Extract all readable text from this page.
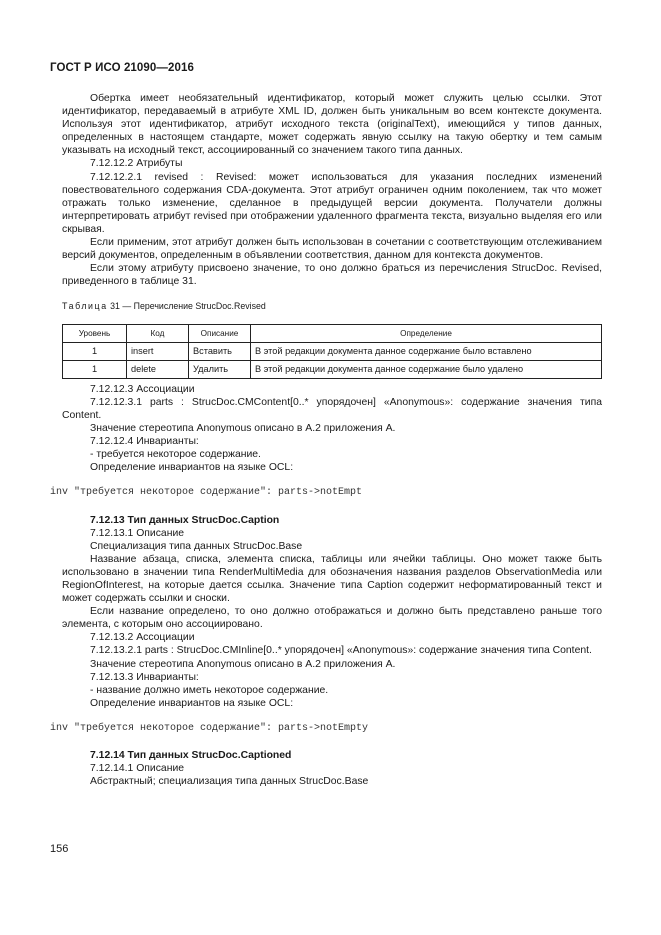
ГОСТ Р ИСО 21090—2016

Обертка имеет необязательный идентификатор, который может служить целью ссылки. Этот идентификатор, передаваемый в атрибуте XML ID, должен быть уникальным во всем контексте документа. Используя этот идентификатор, атрибут исходного текста (originalText), имеющийся у типов данных, определенных в настоящем стандарте, может содержать явную ссылку на такую обертку и тем самым указывать на исходный текст, ассоциированный со значением такого типа данных.

7.12.12.2 Атрибуты

7.12.12.2.1 revised : Revised: может использоваться для указания последних изменений повествовательного содержания CDA-документа. Этот атрибут ограничен одним поколением, так что может отражать только изменение, сделанное в предыдущей версии документа. Получатели должны интерпретировать атрибут revised при отображении удаленного фрагмента текста, визуально выделяя его или скрывая.

Если применим, этот атрибут должен быть использован в сочетании с соответствующим отслеживанием версий документов, определенным в объявлении соответствия, данном для контекста документов.

Если этому атрибуту присвоено значение, то оно должно браться из перечисления StrucDoc. Revised, приведенного в таблице 31.

Таблица 31 — Перечисление StrucDoc.Revised

Уровень	Код	Описание	Определение
1	insert	Вставить	В этой редакции документа данное содержание было вставлено
1	delete	Удалить	В этой редакции документа данное содержание было удалено

7.12.12.3 Ассоциации

7.12.12.3.1 parts : StrucDoc.CMContent[0..* упорядочен] «Anonymous»: содержание значения типа Content.

Значение стереотипа Anonymous описано в А.2 приложения А.

7.12.12.4 Инварианты:

- требуется некоторое содержание.

Определение инвариантов на языке OCL:

inv "требуется некоторое содержание": parts->notEmpt

7.12.13 Тип данных StrucDoc.Caption

7.12.13.1 Описание

Специализация типа данных StrucDoc.Base

Название абзаца, списка, элемента списка, таблицы или ячейки таблицы. Оно может также быть использовано в значении типа RenderMultiMedia для обозначения названия разделов ObservationMedia или RegionOfInterest, на которые дается ссылка. Значение типа Caption содержит неформатированный текст и может содержать ссылки и сноски.

Если название определено, то оно должно отображаться и должно быть представлено раньше того элемента, с которым оно ассоциировано.

7.12.13.2 Ассоциации

7.12.13.2.1 parts : StrucDoc.CMInline[0..* упорядочен] «Anonymous»: содержание значения типа Content.

Значение стереотипа Anonymous описано в А.2 приложения А.

7.12.13.3 Инварианты:

- название должно иметь некоторое содержание.

Определение инвариантов на языке OCL:

inv "требуется некоторое содержание": parts->notEmpty

7.12.14 Тип данных StrucDoc.Captioned

7.12.14.1 Описание

Абстрактный; специализация типа данных StrucDoc.Base

156
